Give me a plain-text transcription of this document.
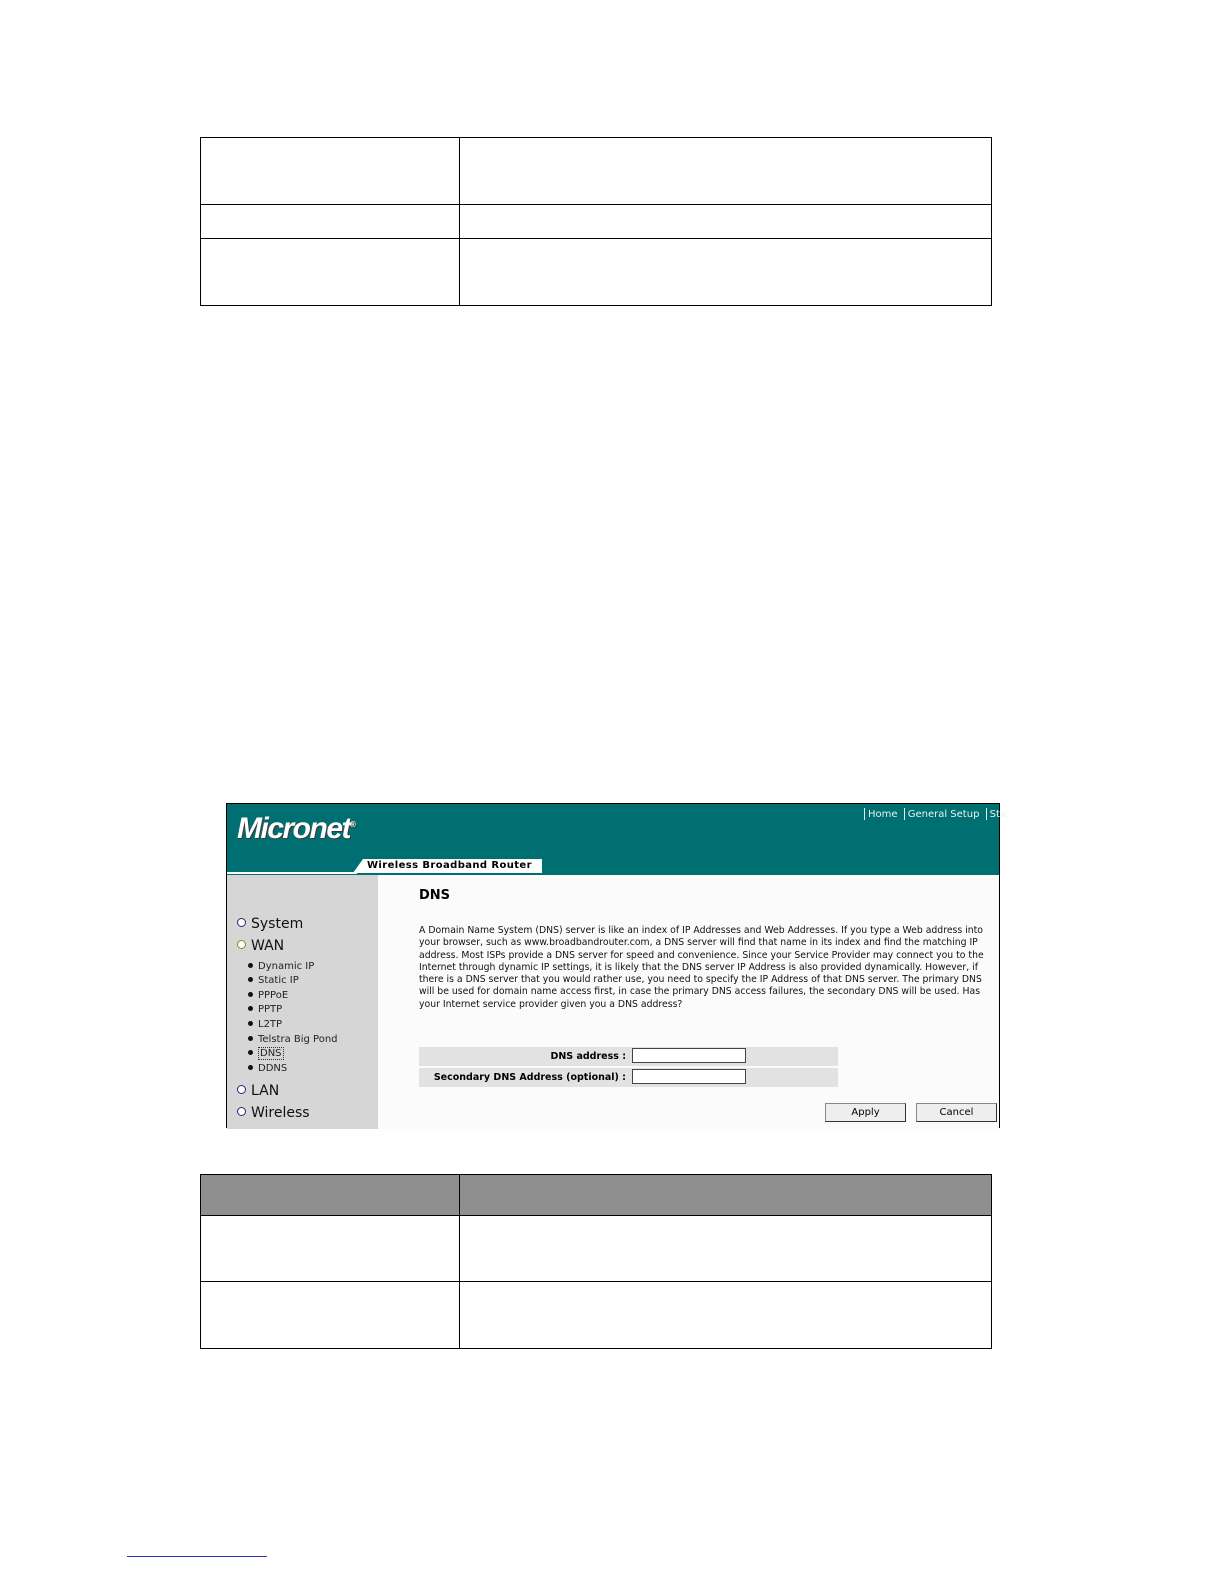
Micronet®
Home General Setup Sta
Wireless Broadband Router
System
WAN
Dynamic IP
Static IP
PPPoE
PPTP
L2TP
Telstra Big Pond
DNS
DDNS
LAN
Wireless
DNS

A Domain Name System (DNS) server is like an index of IP Addresses and Web Addresses. If you type a Web address into your browser, such as www.broadbandrouter.com, a DNS server will find that name in its index and find the matching IP address. Most ISPs provide a DNS server for speed and convenience. Since your Service Provider may connect you to the Internet through dynamic IP settings, it is likely that the DNS server IP Address is also provided dynamically. However, if there is a DNS server that you would rather use, you need to specify the IP Address of that DNS server. The primary DNS will be used for domain name access first, in case the primary DNS access failures, the secondary DNS will be used. Has your Internet service provider given you a DNS address?

DNS address :
Secondary DNS Address (optional) :
Apply	Cancel
